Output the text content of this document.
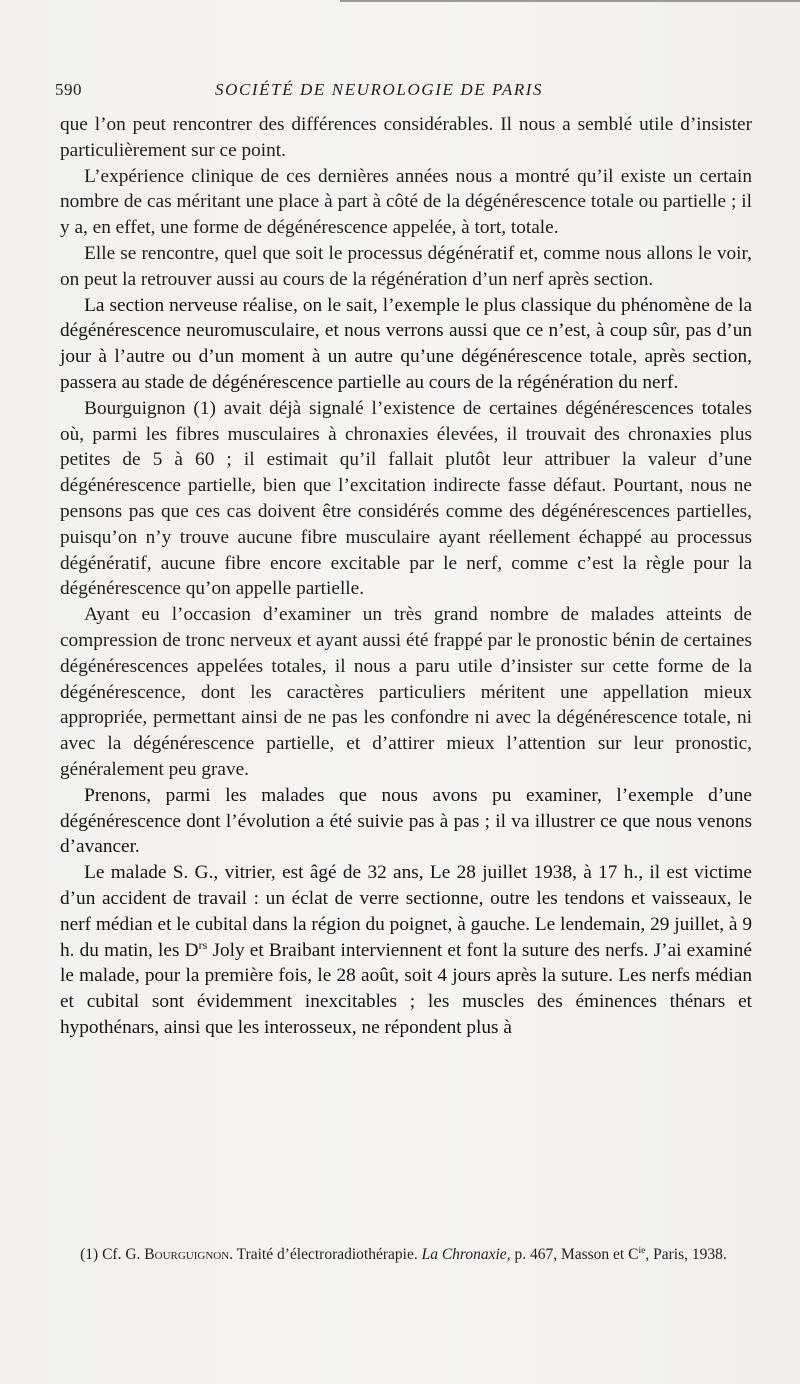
590	SOCIÉTÉ DE NEUROLOGIE DE PARIS

que l’on peut rencontrer des différences considérables. Il nous a semblé utile d’insister particulièrement sur ce point.

L’expérience clinique de ces dernières années nous a montré qu’il existe un certain nombre de cas méritant une place à part à côté de la dégénérescence totale ou partielle ; il y a, en effet, une forme de dégénérescence appelée, à tort, totale.

Elle se rencontre, quel que soit le processus dégénératif et, comme nous allons le voir, on peut la retrouver aussi au cours de la régénération d’un nerf après section.

La section nerveuse réalise, on le sait, l’exemple le plus classique du phénomène de la dégénérescence neuromusculaire, et nous verrons aussi que ce n’est, à coup sûr, pas d’un jour à l’autre ou d’un moment à un autre qu’une dégénérescence totale, après section, passera au stade de dégénérescence partielle au cours de la régénération du nerf.

Bourguignon (1) avait déjà signalé l’existence de certaines dégénérescences totales où, parmi les fibres musculaires à chronaxies élevées, il trouvait des chronaxies plus petites de 5 à 60 ; il estimait qu’il fallait plutôt leur attribuer la valeur d’une dégénérescence partielle, bien que l’excitation indirecte fasse défaut. Pourtant, nous ne pensons pas que ces cas doivent être considérés comme des dégénérescences partielles, puisqu’on n’y trouve aucune fibre musculaire ayant réellement échappé au processus dégénératif, aucune fibre encore excitable par le nerf, comme c’est la règle pour la dégénérescence qu’on appelle partielle.

Ayant eu l’occasion d’examiner un très grand nombre de malades atteints de compression de tronc nerveux et ayant aussi été frappé par le pronostic bénin de certaines dégénérescences appelées totales, il nous a paru utile d’insister sur cette forme de la dégénérescence, dont les caractères particuliers méritent une appellation mieux appropriée, permettant ainsi de ne pas les confondre ni avec la dégénérescence totale, ni avec la dégénérescence partielle, et d’attirer mieux l’attention sur leur pronostic, généralement peu grave.

Prenons, parmi les malades que nous avons pu examiner, l’exemple d’une dégénérescence dont l’évolution a été suivie pas à pas ; il va illustrer ce que nous venons d’avancer.

Le malade S. G., vitrier, est âgé de 32 ans, Le 28 juillet 1938, à 17 h., il est victime d’un accident de travail : un éclat de verre sectionne, outre les tendons et vaisseaux, le nerf médian et le cubital dans la région du poignet, à gauche. Le lendemain, 29 juillet, à 9 h. du matin, les $D^{rs}$ Joly et Braibant interviennent et font la suture des nerfs. J’ai examiné le malade, pour la première fois, le 28 août, soit 4 jours après la suture. Les nerfs médian et cubital sont évidemment inexcitables ; les muscles des éminences thénars et hypothénars, ainsi que les interosseux, ne répondent plus à

(1) Cf. G. Bourguignon. Traité d’électroradiothérapie. La Chronaxie, p. 467, Masson et $C^{ie}$, Paris, 1938.
